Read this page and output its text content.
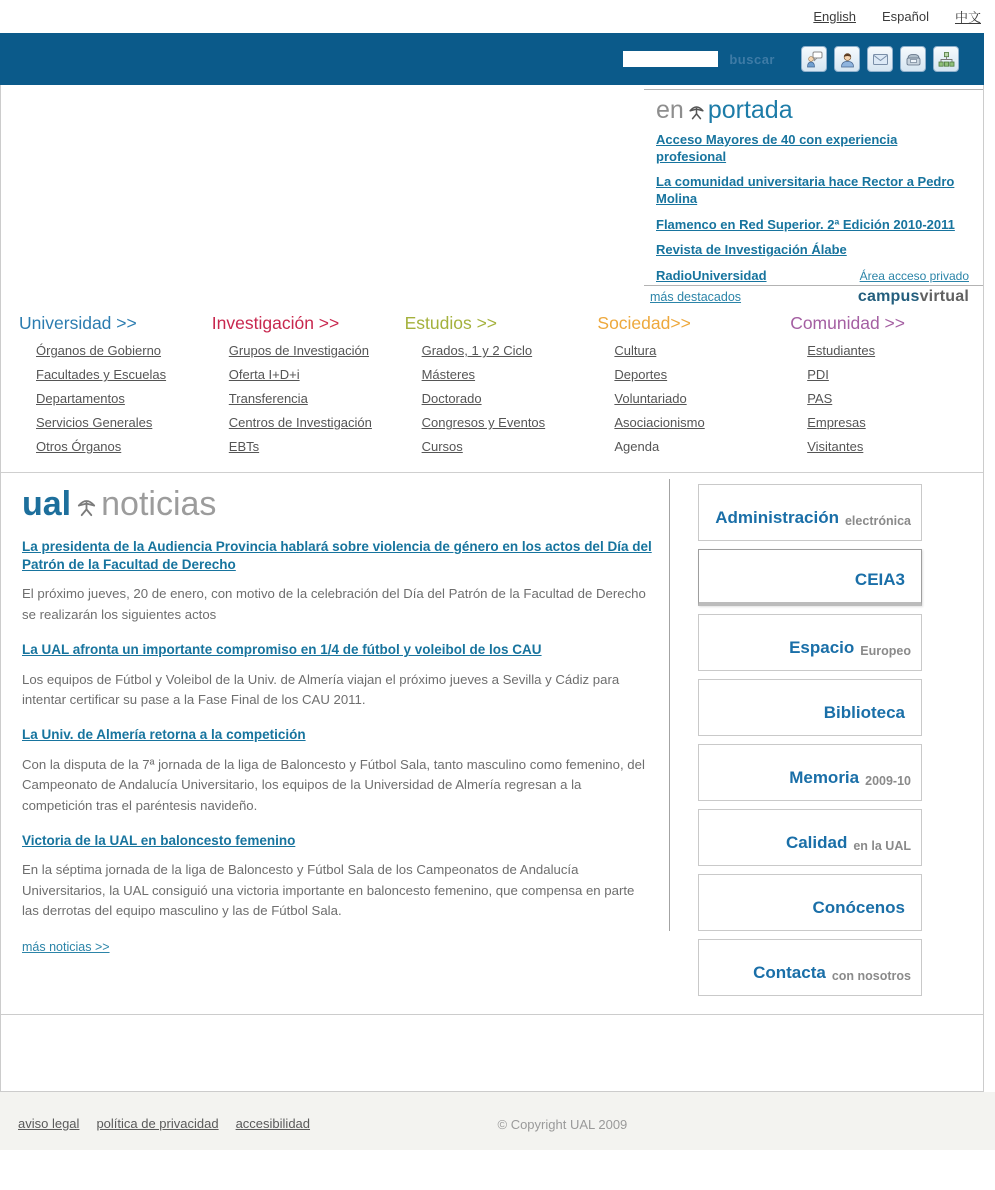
English Español 中文
buscar
en portada
Acceso Mayores de 40 con experiencia profesional
La comunidad universitaria hace Rector a Pedro Molina
Flamenco en Red Superior. 2ª Edición 2010-2011
Revista de Investigación Álabe
RadioUniversidad	Área acceso privado
más destacados	campusvirtual
Universidad >>
Órganos de Gobierno
Facultades y Escuelas
Departamentos
Servicios Generales
Otros Órganos
Investigación >>
Grupos de Investigación
Oferta I+D+i
Transferencia
Centros de Investigación
EBTs
Estudios >>
Grados, 1 y 2 Ciclo
Másteres
Doctorado
Congresos y Eventos
Cursos
Sociedad>>
Cultura
Deportes
Voluntariado
Asociacionismo
Agenda
Comunidad >>
Estudiantes
PDI
PAS
Empresas
Visitantes
ual noticias
La presidenta de la Audiencia Provincia hablará sobre violencia de género en los actos del Día del Patrón de la Facultad de Derecho

El próximo jueves, 20 de enero, con motivo de la celebración del Día del Patrón de la Facultad de Derecho se realizarán los siguientes actos

La UAL afronta un importante compromiso en 1/4 de fútbol y voleibol de los CAU

Los equipos de Fútbol y Voleibol de la Univ. de Almería viajan el próximo jueves a Sevilla y Cádiz para intentar certificar su pase a la Fase Final de los CAU 2011.

La Univ. de Almería retorna a la competición

Con la disputa de la 7ª jornada de la liga de Baloncesto y Fútbol Sala, tanto masculino como femenino, del Campeonato de Andalucía Universitario, los equipos de la Universidad de Almería regresan a la competición tras el paréntesis navideño.

Victoria de la UAL en baloncesto femenino

En la séptima jornada de la liga de Baloncesto y Fútbol Sala de los Campeonatos de Andalucía Universitarios, la UAL consiguió una victoria importante en baloncesto femenino, que compensa en parte las derrotas del equipo masculino y las de Fútbol Sala.

más noticias >>
Administración electrónica
CEIA3
Espacio Europeo
Biblioteca
Memoria 2009-10
Calidad en la UAL
Conócenos
Contacta con nosotros
aviso legal política de privacidad accesibilidad	© Copyright UAL 2009
